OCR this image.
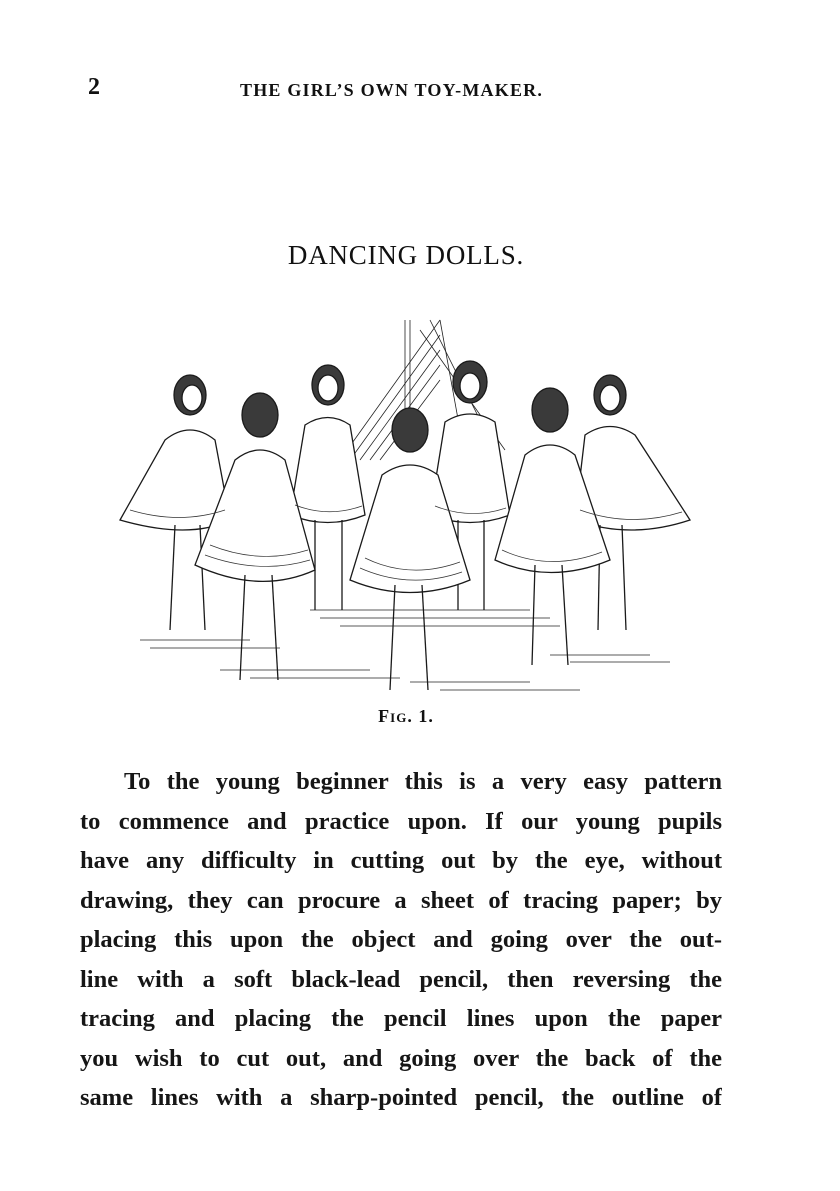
2	THE GIRL’S OWN TOY-MAKER.
DANCING DOLLS.
Fig. 1.
To the young beginner this is a very easy pattern
to commence and practice upon. If our young pupils
have any difficulty in cutting out by the eye, without
drawing, they can procure a sheet of tracing paper; by
placing this upon the object and going over the out-
line with a soft black-lead pencil, then reversing the
tracing and placing the pencil lines upon the paper
you wish to cut out, and going over the back of the
same lines with a sharp-pointed pencil, the outline of
